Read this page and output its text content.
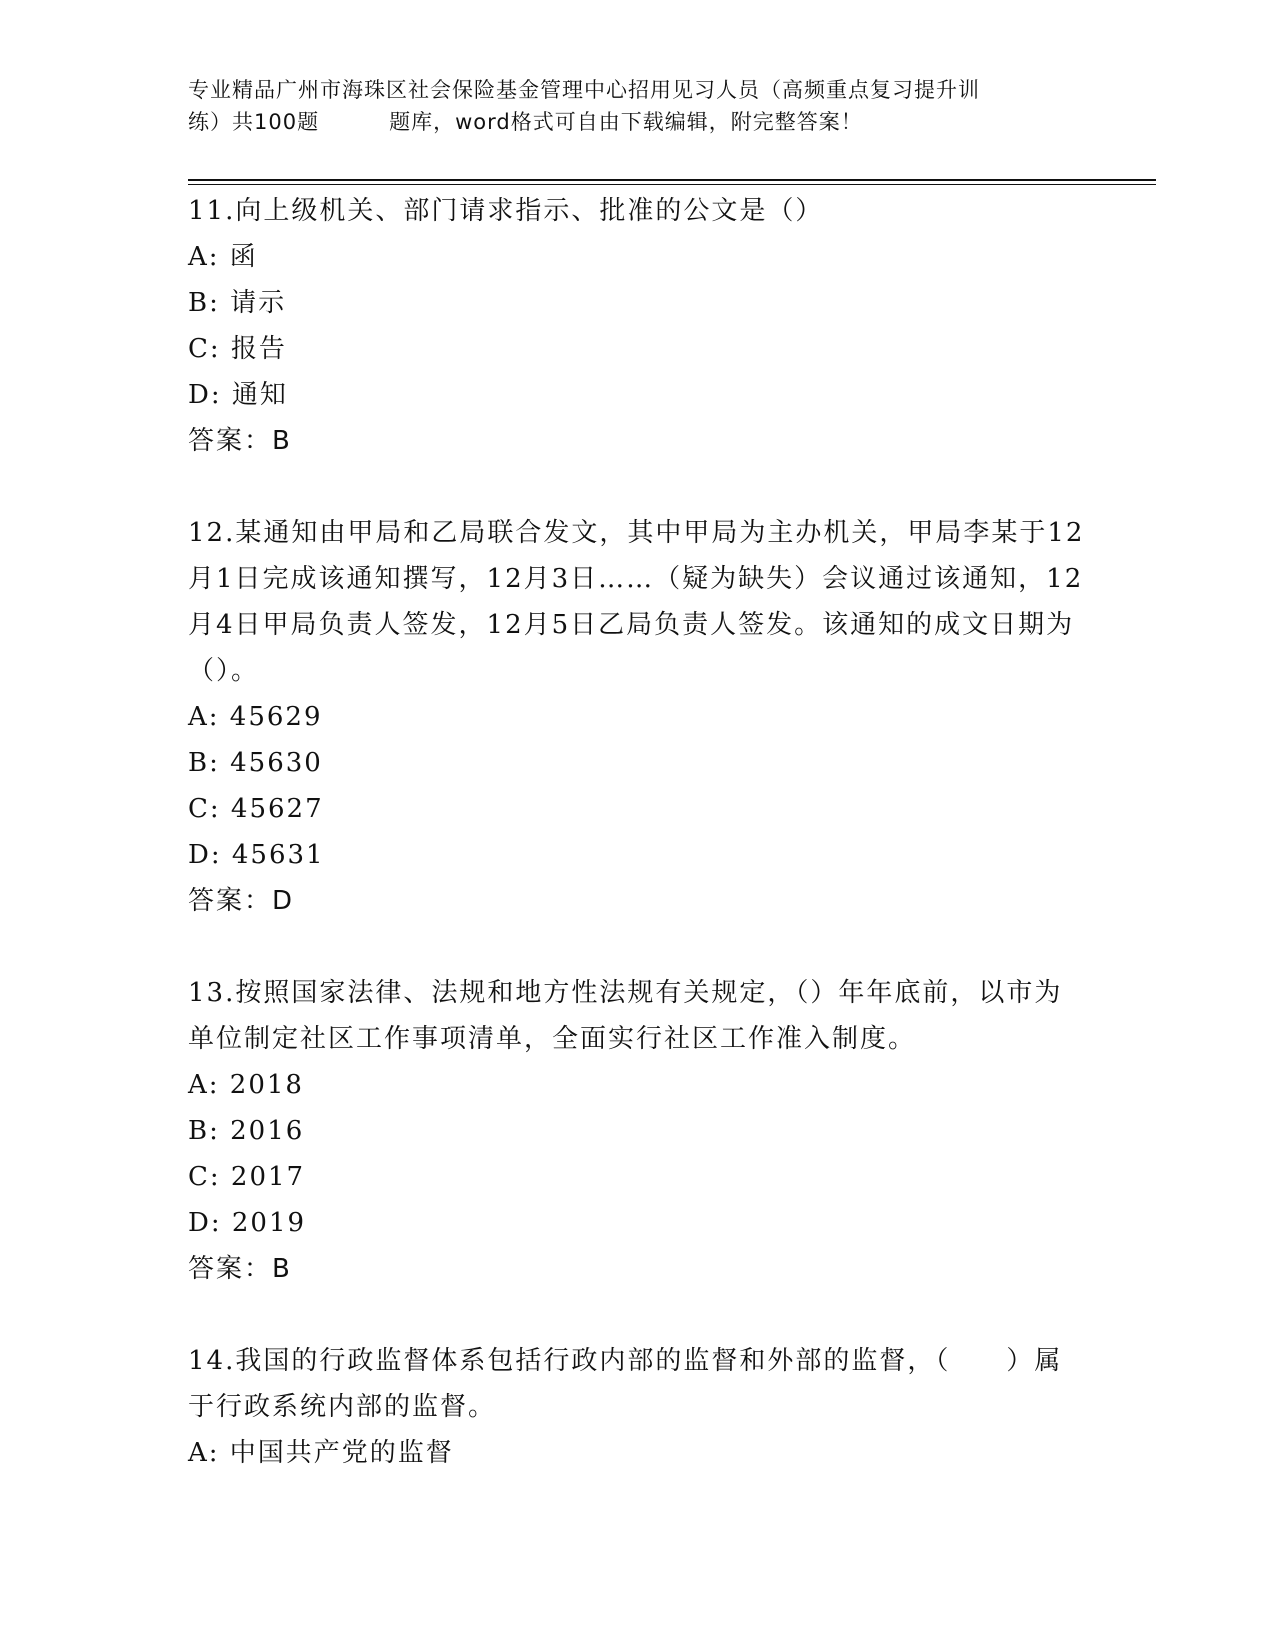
专业精品广州市海珠区社会保险基金管理中心招用见习人员（高频重点复习提升训
练）共100题	题库，word格式可自由下载编辑，附完整答案！
11.向上级机关、部门请求指示、批准的公文是（）
A: 函
B: 请示
C: 报告
D: 通知
答案：B
12.某通知由甲局和乙局联合发文，其中甲局为主办机关，甲局李某于12月1日完成该通知撰写，12月3日……（疑为缺失）会议通过该通知，12月4日甲局负责人签发，12月5日乙局负责人签发。该通知的成文日期为（）。
A: 45629
B: 45630
C: 45627
D: 45631
答案：D
13.按照国家法律、法规和地方性法规有关规定，（）年年底前，以市为单位制定社区工作事项清单，全面实行社区工作准入制度。
A: 2018
B: 2016
C: 2017
D: 2019
答案：B
14.我国的行政监督体系包括行政内部的监督和外部的监督，（　　）属于行政系统内部的监督。
A: 中国共产党的监督
